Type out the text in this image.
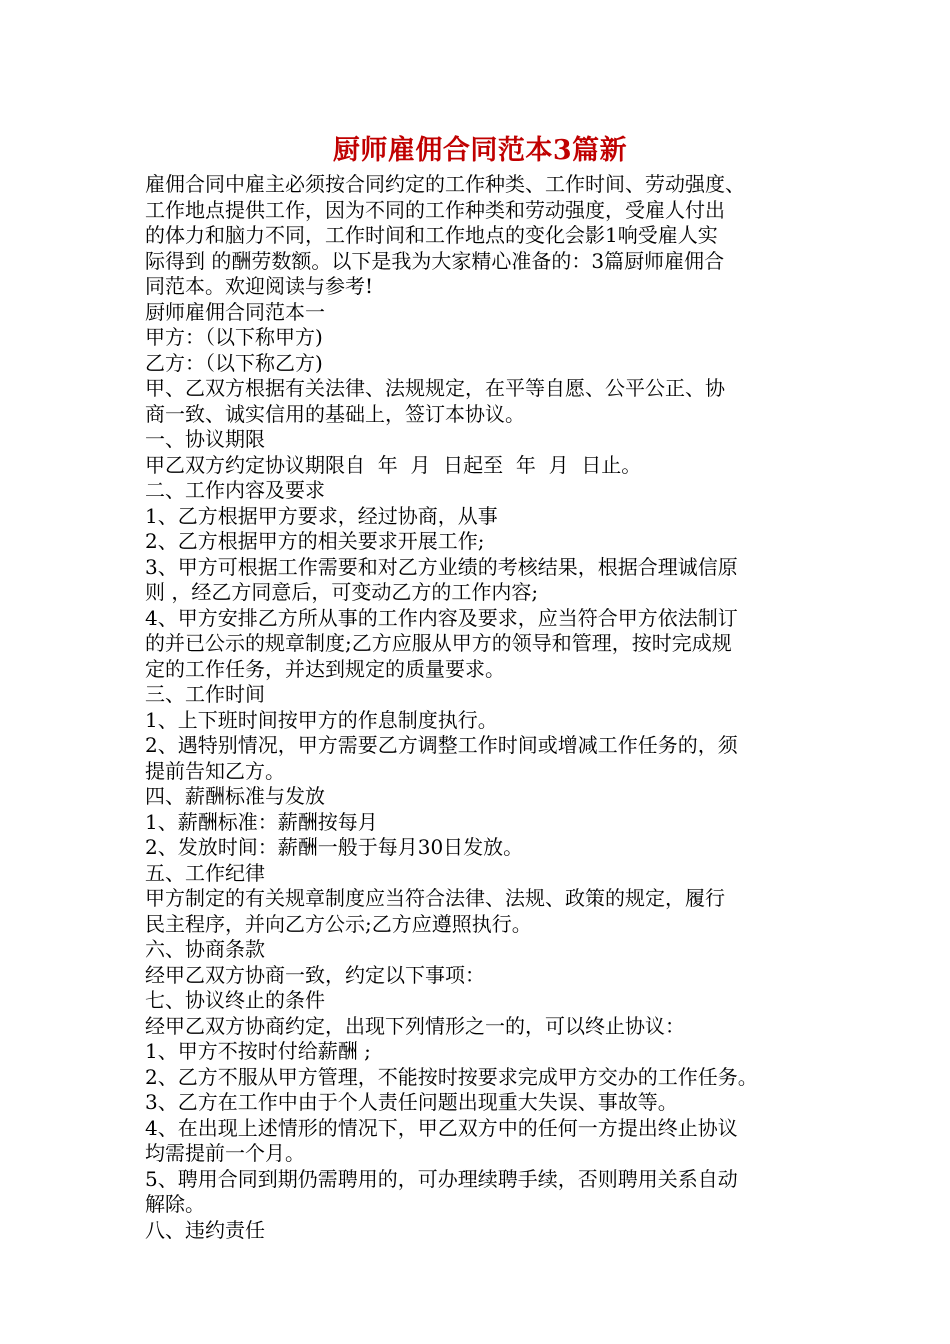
厨师雇佣合同范本3篇新

雇佣合同中雇主必须按合同约定的工作种类、工作时间、劳动强度、

工作地点提供工作，因为不同的工作种类和劳动强度，受雇人付出

的体力和脑力不同，工作时间和工作地点的变化会影1响受雇人实

际得到 的酬劳数额。以下是我为大家精心准备的：3篇厨师雇佣合

同范本。欢迎阅读与参考!

厨师雇佣合同范本一

甲方：（以下称甲方)

乙方：（以下称乙方)

甲、乙双方根据有关法律、法规规定，在平等自愿、公平公正、协

商一致、诚实信用的基础上，签订本协议。

一、协议期限

甲乙双方约定协议期限自  年  月  日起至  年  月  日止。

二、工作内容及要求

1、乙方根据甲方要求，经过协商，从事

2、乙方根据甲方的相关要求开展工作;

3、甲方可根据工作需要和对乙方业绩的考核结果，根据合理诚信原

则 ，经乙方同意后，可变动乙方的工作内容;

4、甲方安排乙方所从事的工作内容及要求，应当符合甲方依法制订

的并已公示的规章制度;乙方应服从甲方的领导和管理，按时完成规

定的工作任务，并达到规定的质量要求。

三、工作时间

1、上下班时间按甲方的作息制度执行。

2、遇特别情况，甲方需要乙方调整工作时间或增减工作任务的，须

提前告知乙方。

四、薪酬标准与发放

1、薪酬标准：薪酬按每月

2、发放时间：薪酬一般于每月30日发放。

五、工作纪律

甲方制定的有关规章制度应当符合法律、法规、政策的规定，履行

民主程序，并向乙方公示;乙方应遵照执行。

六、协商条款

经甲乙双方协商一致，约定以下事项：

七、协议终止的条件

经甲乙双方协商约定，出现下列情形之一的，可以终止协议：

1、甲方不按时付给薪酬 ;

2、乙方不服从甲方管理，不能按时按要求完成甲方交办的工作任务。

3、乙方在工作中由于个人责任问题出现重大失误、事故等。

4、在出现上述情形的情况下，甲乙双方中的任何一方提出终止协议

均需提前一个月。

5、聘用合同到期仍需聘用的，可办理续聘手续，否则聘用关系自动

解除。

八、违约责任
